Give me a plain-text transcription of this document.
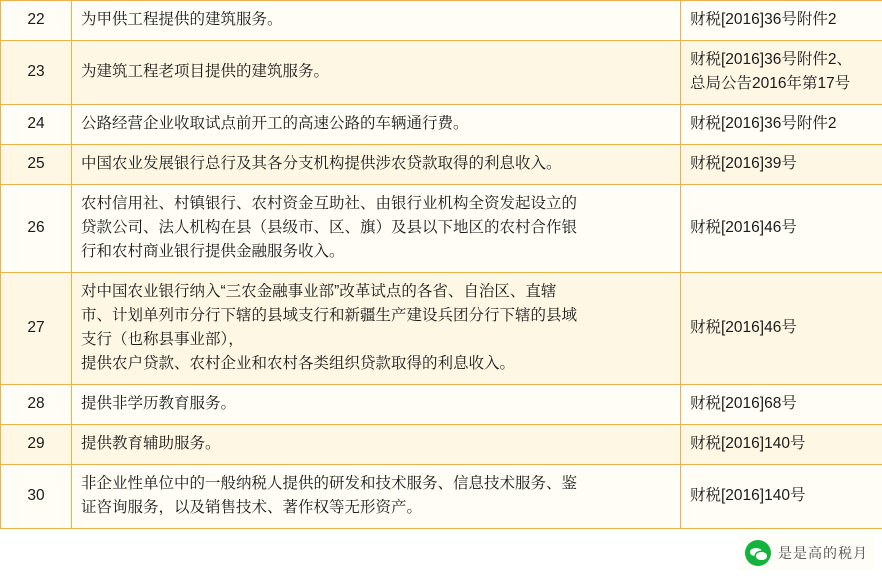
22	为甲供工程提供的建筑服务。	财税[2016]36号附件2
23	为建筑工程老项目提供的建筑服务。	财税[2016]36号附件2、
总局公告2016年第17号

24	公路经营企业收取试点前开工的高速公路的车辆通行费。	财税[2016]36号附件2
25	中国农业发展银行总行及其各分支机构提供涉农贷款取得的利息收入。	财税[2016]39号
26	农村信用社、村镇银行、农村资金互助社、由银行业机构全资发起设立的
贷款公司、法人机构在县（县级市、区、旗）及县以下地区的农村合作银
行和农村商业银行提供金融服务收入。	财税[2016]46号
27	对中国农业银行纳入“三农金融事业部”改革试点的各省、自治区、直辖
市、计划单列市分行下辖的县域支行和新疆生产建设兵团分行下辖的县域
支行（也称县事业部），
提供农户贷款、农村企业和农村各类组织贷款取得的利息收入。	财税[2016]46号
28	提供非学历教育服务。	财税[2016]68号
29	提供教育辅助服务。	财税[2016]140号
30	非企业性单位中的一般纳税人提供的研发和技术服务、信息技术服务、鉴
证咨询服务，以及销售技术、著作权等无形资产。	财税[2016]140号
是是高的税月
